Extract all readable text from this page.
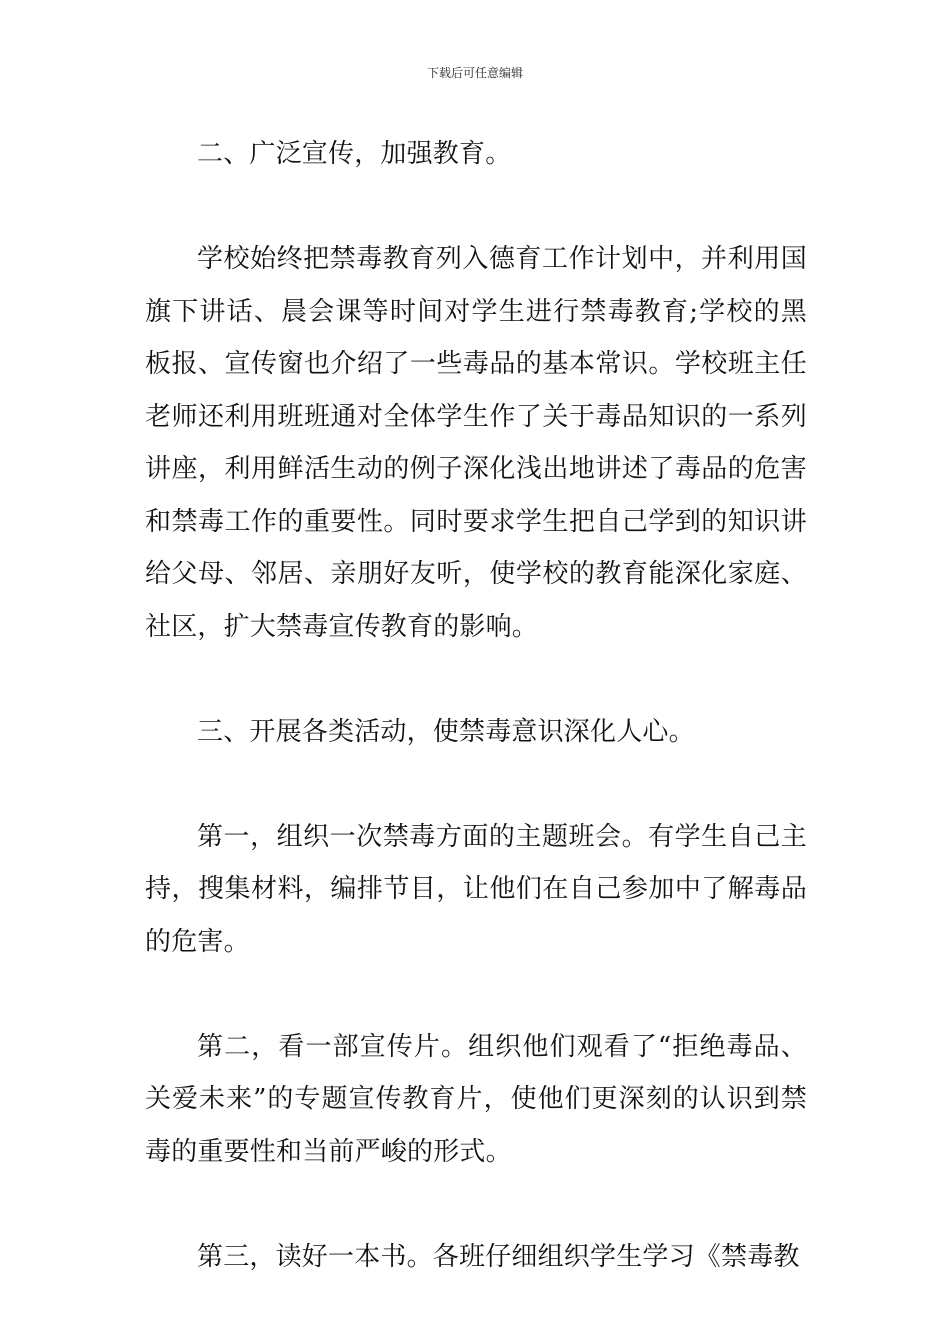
下载后可任意编辑

二、广泛宣传，加强教育。

学校始终把禁毒教育列入德育工作计划中，并利用国旗下讲话、晨会课等时间对学生进行禁毒教育;学校的黑板报、宣传窗也介绍了一些毒品的基本常识。学校班主任老师还利用班班通对全体学生作了关于毒品知识的一系列讲座，利用鲜活生动的例子深化浅出地讲述了毒品的危害和禁毒工作的重要性。同时要求学生把自己学到的知识讲给父母、邻居、亲朋好友听，使学校的教育能深化家庭、社区，扩大禁毒宣传教育的影响。

三、开展各类活动，使禁毒意识深化人心。

第一，组织一次禁毒方面的主题班会。有学生自己主持，搜集材料，编排节目，让他们在自己参加中了解毒品的危害。

第二，看一部宣传片。组织他们观看了“拒绝毒品、关爱未来”的专题宣传教育片，使他们更深刻的认识到禁毒的重要性和当前严峻的形式。

第三，读好一本书。各班仔细组织学生学习《禁毒教
